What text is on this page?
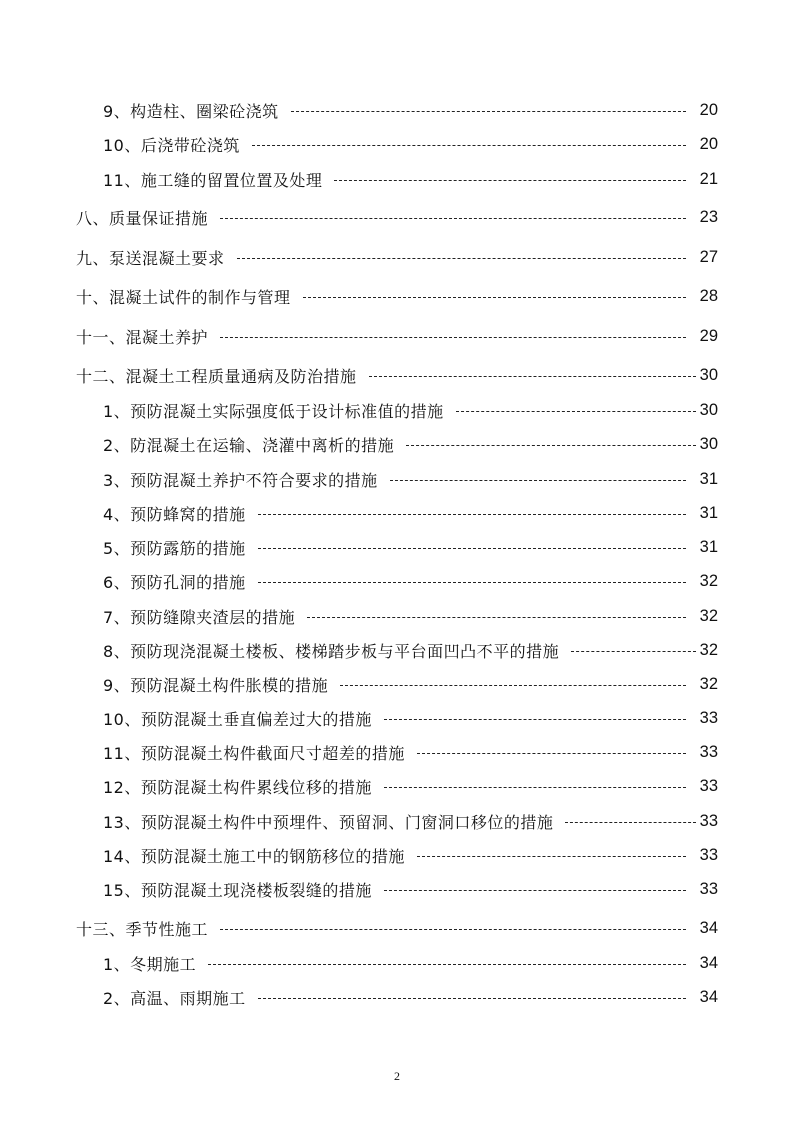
9、构造柱、圈梁砼浇筑	20
10、后浇带砼浇筑	20
11、施工缝的留置位置及处理	21
八、质量保证措施	23
九、泵送混凝土要求	27
十、混凝土试件的制作与管理	28
十一、混凝土养护	29
十二、混凝土工程质量通病及防治措施	30
1、预防混凝土实际强度低于设计标准值的措施	30
2、防混凝土在运输、浇灌中离析的措施	30
3、预防混凝土养护不符合要求的措施	31
4、预防蜂窝的措施	31
5、预防露筋的措施	31
6、预防孔洞的措施	32
7、预防缝隙夹渣层的措施	32
8、预防现浇混凝土楼板、楼梯踏步板与平台面凹凸不平的措施	32
9、预防混凝土构件胀模的措施	32
10、预防混凝土垂直偏差过大的措施	33
11、预防混凝土构件截面尺寸超差的措施	33
12、预防混凝土构件累线位移的措施	33
13、预防混凝土构件中预埋件、预留洞、门窗洞口移位的措施	33
14、预防混凝土施工中的钢筋移位的措施	33
15、预防混凝土现浇楼板裂缝的措施	33
十三、季节性施工	34
1、冬期施工	34
2、高温、雨期施工	34
2
